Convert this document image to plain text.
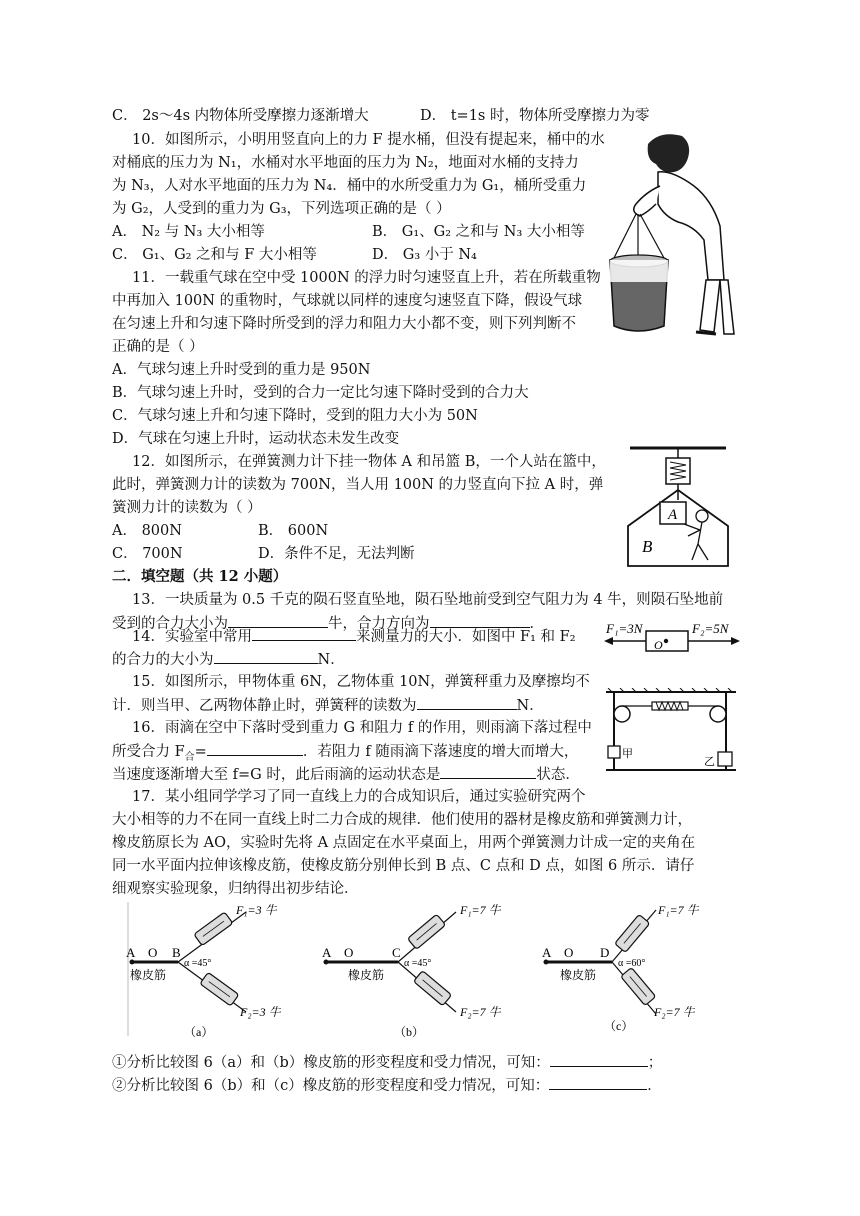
C． 2s～4s 内物体所受摩擦力逐渐增大	D． t=1s 时，物体所受摩擦力为零
10．如图所示，小明用竖直向上的力 F 提水桶，但没有提起来，桶中的水
对桶底的压力为 N₁，水桶对水平地面的压力为 N₂，地面对水桶的支持力
为 N₃，人对水平地面的压力为 N₄．桶中的水所受重力为 G₁，桶所受重力
为 G₂，人受到的重力为 G₃，下列选项正确的是（ ）
A． N₂ 与 N₃ 大小相等	B． G₁、G₂ 之和与 N₃ 大小相等
C． G₁、G₂ 之和与 F 大小相等	D． G₃ 小于 N₄
11．一载重气球在空中受 1000N 的浮力时匀速竖直上升，若在所载重物
中再加入 100N 的重物时，气球就以同样的速度匀速竖直下降，假设气球
在匀速上升和匀速下降时所受到的浮力和阻力大小都不变，则下列判断不
正确的是（ ）
A．气球匀速上升时受到的重力是 950N
B．气球匀速上升时，受到的合力一定比匀速下降时受到的合力大
C．气球匀速上升和匀速下降时，受到的阻力大小为 50N
D．气球在匀速上升时，运动状态未发生改变
12．如图所示，在弹簧测力计下挂一物体 A 和吊篮 B，一个人站在篮中，
此时，弹簧测力计的读数为 700N，当人用 100N 的力竖直向下拉 A 时，弹
簧测力计的读数为（ ）
A． 800N	B． 600N
C． 700N	D．条件不足，无法判断
A
B
二．填空题（共 12 小题）
13．一块质量为 0.5 千克的陨石竖直坠地，陨石坠地前受到空气阻力为 4 牛，则陨石坠地前
受到的合力大小为	牛，合力方向为	．
14．实验室中常用	来测量力的大小．如图中 F₁ 和 F₂
的合力的大小为	N．
O
F₁=3N	F₂=5N
15．如图所示，甲物体重 6N，乙物体重 10N，弹簧秤重力及摩擦均不
计．则当甲、乙两物体静止时，弹簧秤的读数为	N．
甲
乙
16．雨滴在空中下落时受到重力 G 和阻力 f 的作用，则雨滴下落过程中
所受合力 $F_合=$	．若阻力 f 随雨滴下落速度的增大而增大，
当速度逐渐增大至 f=G 时，此后雨滴的运动状态是	状态．
17．某小组同学学习了同一直线上力的合成知识后，通过实验研究两个
大小相等的力不在同一直线上时二力合成的规律．他们使用的器材是橡皮筋和弹簧测力计，
橡皮筋原长为 AO，实验时先将 A 点固定在水平桌面上，用两个弹簧测力计成一定的夹角在
同一水平面内拉伸该橡皮筋，使橡皮筋分别伸长到 B 点、C 点和 D 点，如图 6 所示．请仔
细观察实验现象，归纳得出初步结论．
A O B
橡皮筋
α =45°
F₁=3 牛
F₂=3 牛
（a）
A O	C
橡皮筋
α =45°
F₁=7 牛
F₂=7 牛
（b）
A O D
橡皮筋
α =60°
F₁=7 牛
F₂=7 牛
（c）
①分析比较图 6（a）和（b）橡皮筋的形变程度和受力情况，可知：	；
②分析比较图 6（b）和（c）橡皮筋的形变程度和受力情况，可知：	．
